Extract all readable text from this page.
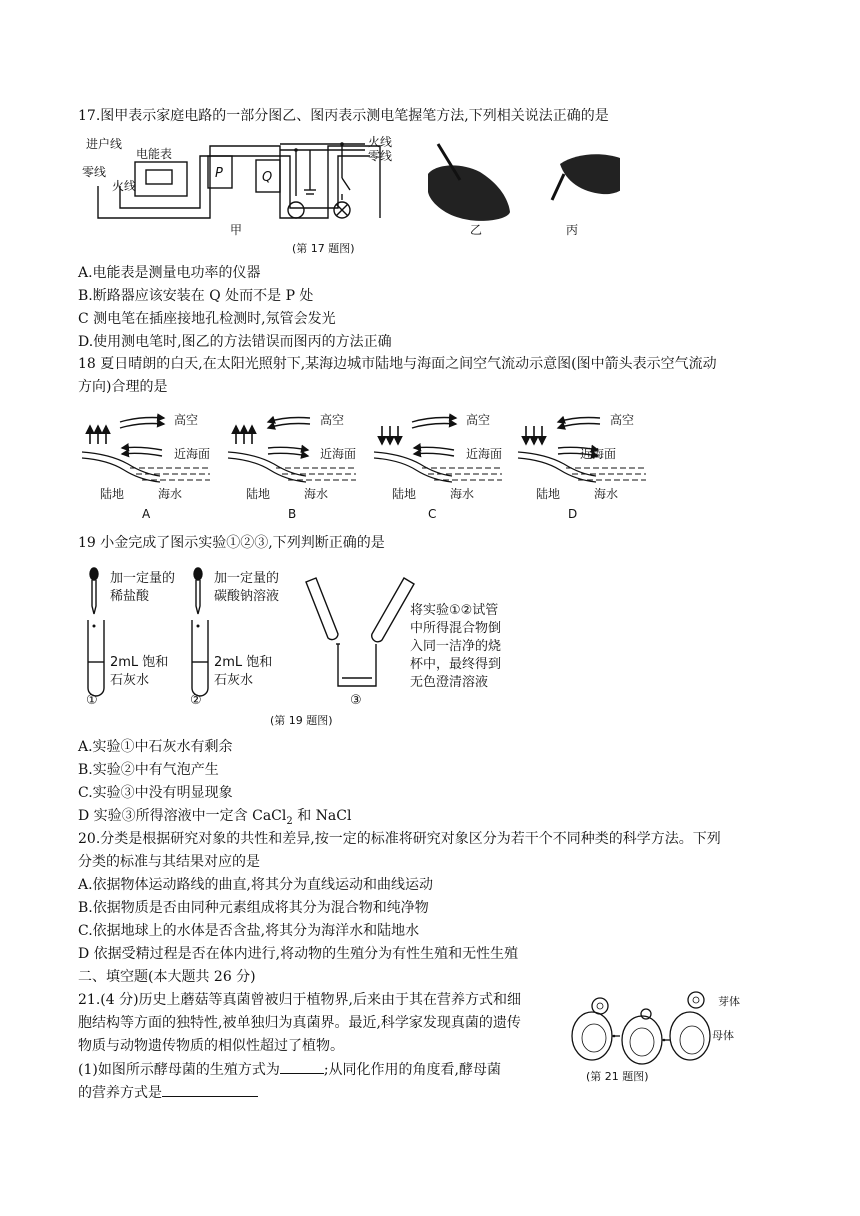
17.图甲表示家庭电路的一部分图乙、图丙表示测电笔握笔方法,下列相关说法正确的是
进户线
零线
火线
电能表
P	Q
火线
零线
甲	乙	丙
(第 17 题图)
A.电能表是测量电功率的仪器
B.断路器应该安装在 Q 处而不是 P 处
C 测电笔在插座接地孔检测时,氖管会发光
D.使用测电笔时,图乙的方法错误而图丙的方法正确
18 夏日晴朗的白天,在太阳光照射下,某海边城市陆地与海面之间空气流动示意图(图中箭头表示空气流动
方向)合理的是
高空
近海面
陆地	海水
A
高空
近海面
陆地	海水
B
高空
近海面
陆地	海水
C
高空
近海面
陆地	海水
D
19 小金完成了图示实验①②③,下列判断正确的是
加一定量的
稀盐酸
2mL 饱和
石灰水
①
加一定量的
碳酸钠溶液
2mL 饱和
石灰水
②	③
将实验①②试管
中所得混合物倒
入同一洁净的烧
杯中，最终得到
无色澄清溶液
(第 19 题图)
A.实验①中石灰水有剩余
B.实验②中有气泡产生
C.实验③中没有明显现象
D 实验③所得溶液中一定含 CaCl$_2$ 和 NaCl
20.分类是根据研究对象的共性和差异,按一定的标准将研究对象区分为若干个不同种类的科学方法。下列
分类的标准与其结果对应的是
A.依据物体运动路线的曲直,将其分为直线运动和曲线运动
B.依据物质是否由同种元素组成将其分为混合物和纯净物
C.依据地球上的水体是否含盐,将其分为海洋水和陆地水
D 依据受精过程是否在体内进行,将动物的生殖分为有性生殖和无性生殖
二、填空题(本大题共 26 分)
21.(4 分)历史上蘑菇等真菌曾被归于植物界,后来由于其在营养方式和细
胞结构等方面的独特性,被单独归为真菌界。最近,科学家发现真菌的遗传
物质与动物遗传物质的相似性超过了植物。
(1)如图所示酵母菌的生殖方式为	;从同化作用的角度看,酵母菌
的营养方式是
(第 21 题图)
芽体
母体
